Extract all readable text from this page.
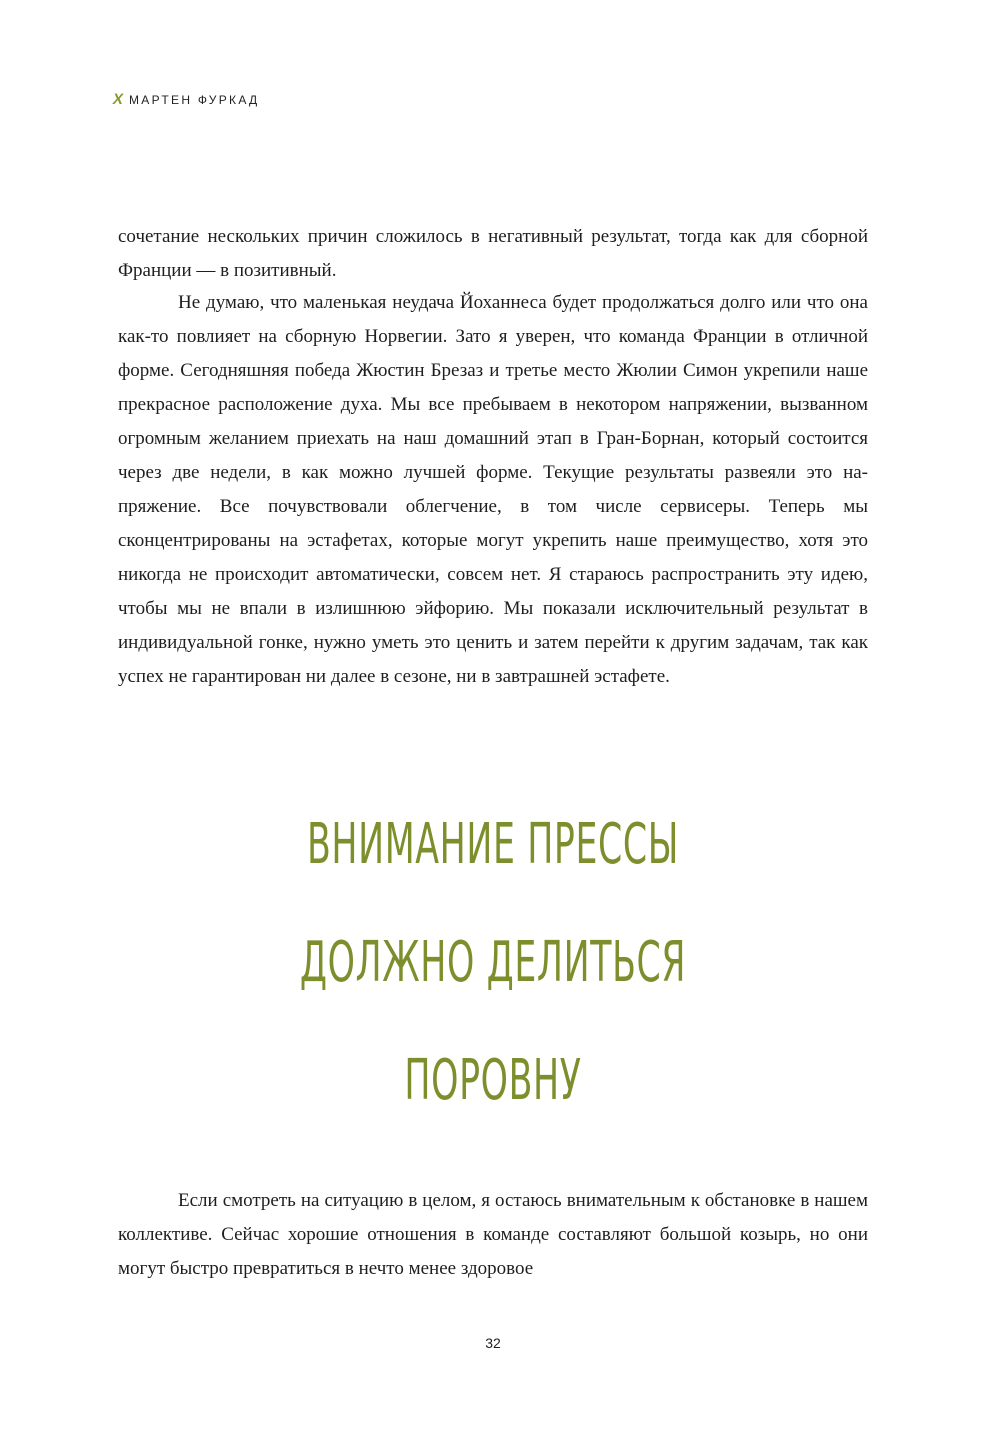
Х МАРТЕН ФУРКАД

сочетание нескольких причин сложилось в негативный результат, тогда как для сборной Франции — в позитивный.

Не думаю, что маленькая неудача Йоханнеса будет продолжаться долго или что она как-то повлияет на сборную Норвегии. Зато я уверен, что команда Франции в отличной форме. Сегодняшняя победа Жюстин Брезаз и третье место Жюлии Симон укрепили наше прекрасное расположение духа. Мы все пребываем в некотором напряжении, вызванном огромным желанием приехать на наш домашний этап в Гран-Борнан, который состоится через две недели, в как можно лучшей форме. Текущие результаты развеяли это напряжение. Все почувствовали облегчение, в том числе сервисеры. Теперь мы сконцентрированы на эстафетах, которые могут укрепить наше преимущество, хотя это никогда не происходит автоматически, совсем нет. Я стараюсь распространить эту идею, чтобы мы не впали в излишнюю эйфорию. Мы показали исключительный результат в индивидуальной гонке, нужно уметь это ценить и затем перейти к другим задачам, так как успех не гарантирован ни далее в сезоне, ни в завтрашней эстафете.

ВНИМАНИЕ ПРЕССЫ
ДОЛЖНО ДЕЛИТЬСЯ
ПОРОВНУ

Если смотреть на ситуацию в целом, я остаюсь внимательным к обстановке в нашем коллективе. Сейчас хорошие отношения в команде составляют большой козырь, но они могут быстро превратиться в нечто менее здоровое

32
